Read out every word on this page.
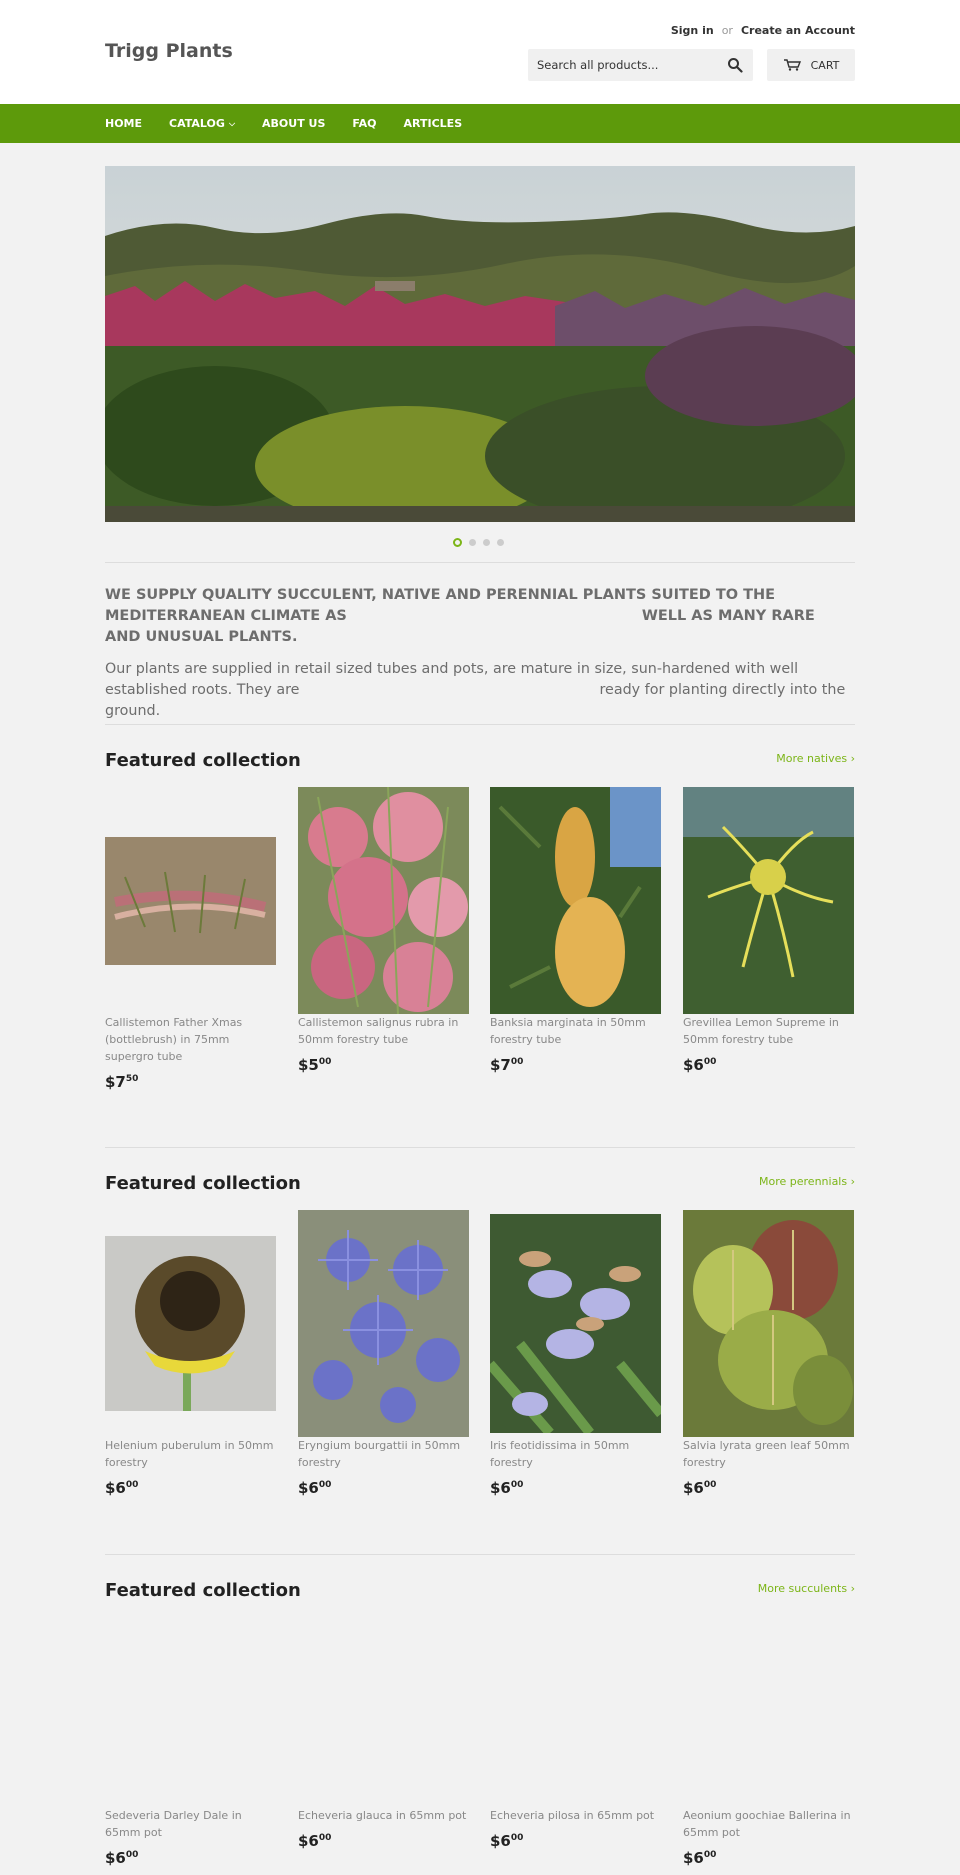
Trigg Plants
Sign in or Create an Account
Search all products...
CART
HOME CATALOG ⌵ ABOUT US FAQ ARTICLES
WE SUPPLY QUALITY SUCCULENT, NATIVE AND PERENNIAL PLANTS SUITED TO THE MEDITERRANEAN CLIMATE AS	WELL AS MANY RARE AND UNUSUAL PLANTS.
Our plants are supplied in retail sized tubes and pots, are mature in size, sun-hardened with well established roots. They are	ready for planting directly into the ground.
Featured collection	More natives ›
Callistemon Father Xmas (bottlebrush) in 75mm supergro tube
$\$7^{50}$
Callistemon salignus rubra in 50mm forestry tube
$\$5^{00}$
Banksia marginata in 50mm forestry tube
$\$7^{00}$
Grevillea Lemon Supreme in 50mm forestry tube
$\$6^{00}$
Featured collection	More perennials ›
Helenium puberulum in 50mm forestry
$\$6^{00}$
Eryngium bourgattii in 50mm forestry
$\$6^{00}$
Iris feotidissima in 50mm forestry
$\$6^{00}$
Salvia lyrata green leaf 50mm forestry
$\$6^{00}$
Featured collection	More succulents ›
Sedeveria Darley Dale in 65mm pot
$\$6^{00}$
Echeveria glauca in 65mm pot
$\$6^{00}$
Echeveria pilosa in 65mm pot
$\$6^{00}$
Aeonium goochiae Ballerina in 65mm pot
$\$6^{00}$
